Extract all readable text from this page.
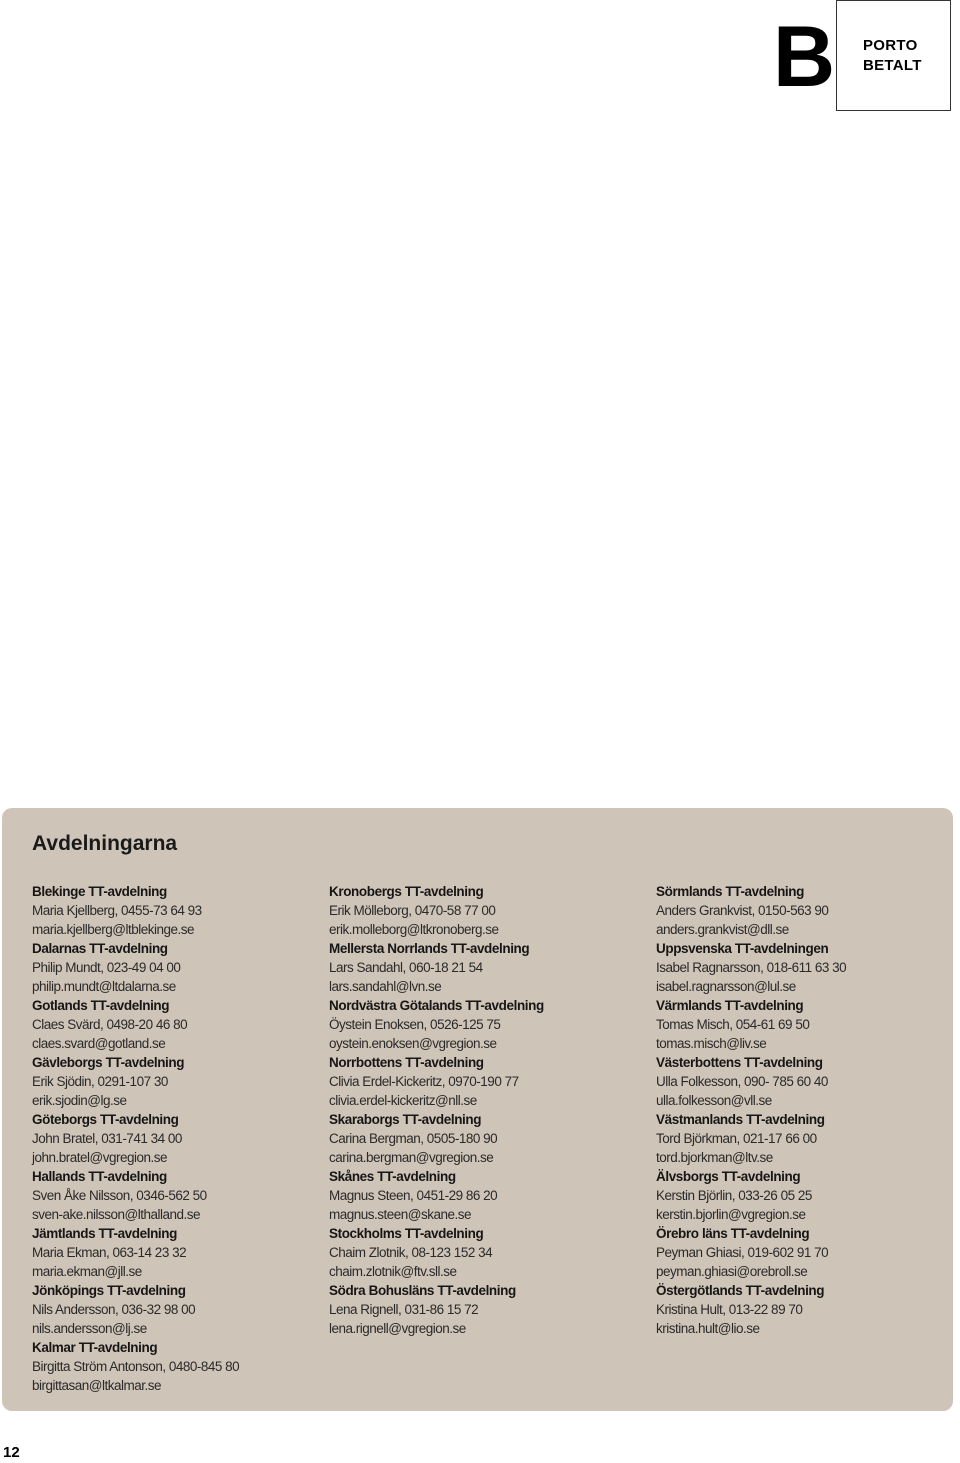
B PORTO
BETALT
Avdelningarna
Blekinge TT-avdelning
Maria Kjellberg, 0455-73 64 93
maria.kjellberg@ltblekinge.se
Dalarnas TT-avdelning
Philip Mundt, 023-49 04 00
philip.mundt@ltdalarna.se
Gotlands TT-avdelning
Claes Svärd, 0498-20 46 80
claes.svard@gotland.se
Gävleborgs TT-avdelning
Erik Sjödin, 0291-107 30
erik.sjodin@lg.se
Göteborgs TT-avdelning
John Bratel, 031-741 34 00
john.bratel@vgregion.se
Hallands TT-avdelning
Sven Åke Nilsson, 0346-562 50
sven-ake.nilsson@lthalland.se
Jämtlands TT-avdelning
Maria Ekman, 063-14 23 32
maria.ekman@jll.se
Jönköpings TT-avdelning
Nils Andersson, 036-32 98 00
nils.andersson@lj.se
Kalmar TT-avdelning
Birgitta Ström Antonson, 0480-845 80
birgittasan@ltkalmar.se
Kronobergs TT-avdelning
Erik Mölleborg, 0470-58 77 00
erik.molleborg@ltkronoberg.se
Mellersta Norrlands TT-avdelning
Lars Sandahl, 060-18 21 54
lars.sandahl@lvn.se
Nordvästra Götalands TT-avdelning
Öystein Enoksen, 0526-125 75
oystein.enoksen@vgregion.se
Norrbottens TT-avdelning
Clivia Erdel-Kickeritz, 0970-190 77
clivia.erdel-kickeritz@nll.se
Skaraborgs TT-avdelning
Carina Bergman, 0505-180 90
carina.bergman@vgregion.se
Skånes TT-avdelning
Magnus Steen, 0451-29 86 20
magnus.steen@skane.se
Stockholms TT-avdelning
Chaim Zlotnik, 08-123 152 34
chaim.zlotnik@ftv.sll.se
Södra Bohusläns TT-avdelning
Lena Rignell, 031-86 15 72
lena.rignell@vgregion.se
Sörmlands TT-avdelning
Anders Grankvist, 0150-563 90
anders.grankvist@dll.se
Uppsvenska TT-avdelningen
Isabel Ragnarsson, 018-611 63 30
isabel.ragnarsson@lul.se
Värmlands TT-avdelning
Tomas Misch, 054-61 69 50
tomas.misch@liv.se
Västerbottens TT-avdelning
Ulla Folkesson, 090- 785 60 40
ulla.folkesson@vll.se
Västmanlands TT-avdelning
Tord Björkman, 021-17 66 00
tord.bjorkman@ltv.se
Älvsborgs TT-avdelning
Kerstin Björlin, 033-26 05 25
kerstin.bjorlin@vgregion.se
Örebro läns TT-avdelning
Peyman Ghiasi, 019-602 91 70
peyman.ghiasi@orebroll.se
Östergötlands TT-avdelning
Kristina Hult, 013-22 89 70
kristina.hult@lio.se
12
